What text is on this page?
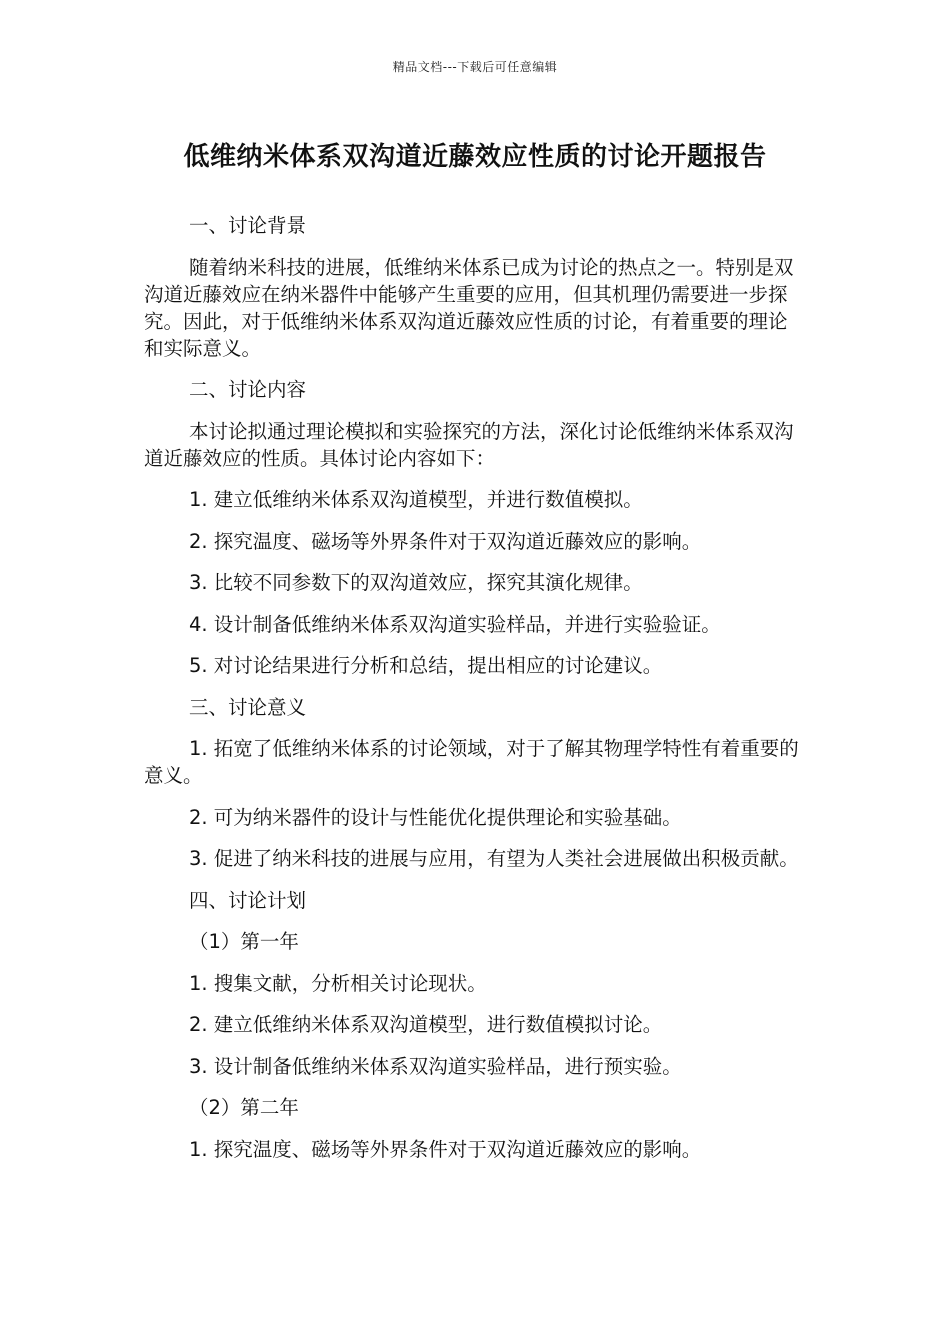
精品文档---下载后可任意编辑
低维纳米体系双沟道近藤效应性质的讨论开题报告

一、讨论背景

随着纳米科技的进展，低维纳米体系已成为讨论的热点之一。特别是双沟道近藤效应在纳米器件中能够产生重要的应用，但其机理仍需要进一步探究。因此，对于低维纳米体系双沟道近藤效应性质的讨论，有着重要的理论和实际意义。

二、讨论内容

本讨论拟通过理论模拟和实验探究的方法，深化讨论低维纳米体系双沟道近藤效应的性质。具体讨论内容如下：

1. 建立低维纳米体系双沟道模型，并进行数值模拟。

2. 探究温度、磁场等外界条件对于双沟道近藤效应的影响。

3. 比较不同参数下的双沟道效应，探究其演化规律。

4. 设计制备低维纳米体系双沟道实验样品，并进行实验验证。

5. 对讨论结果进行分析和总结，提出相应的讨论建议。

三、讨论意义

1. 拓宽了低维纳米体系的讨论领域，对于了解其物理学特性有着重要的意义。

2. 可为纳米器件的设计与性能优化提供理论和实验基础。

3. 促进了纳米科技的进展与应用，有望为人类社会进展做出积极贡献。

四、讨论计划

（1）第一年

1. 搜集文献，分析相关讨论现状。

2. 建立低维纳米体系双沟道模型，进行数值模拟讨论。

3. 设计制备低维纳米体系双沟道实验样品，进行预实验。

（2）第二年

1. 探究温度、磁场等外界条件对于双沟道近藤效应的影响。
